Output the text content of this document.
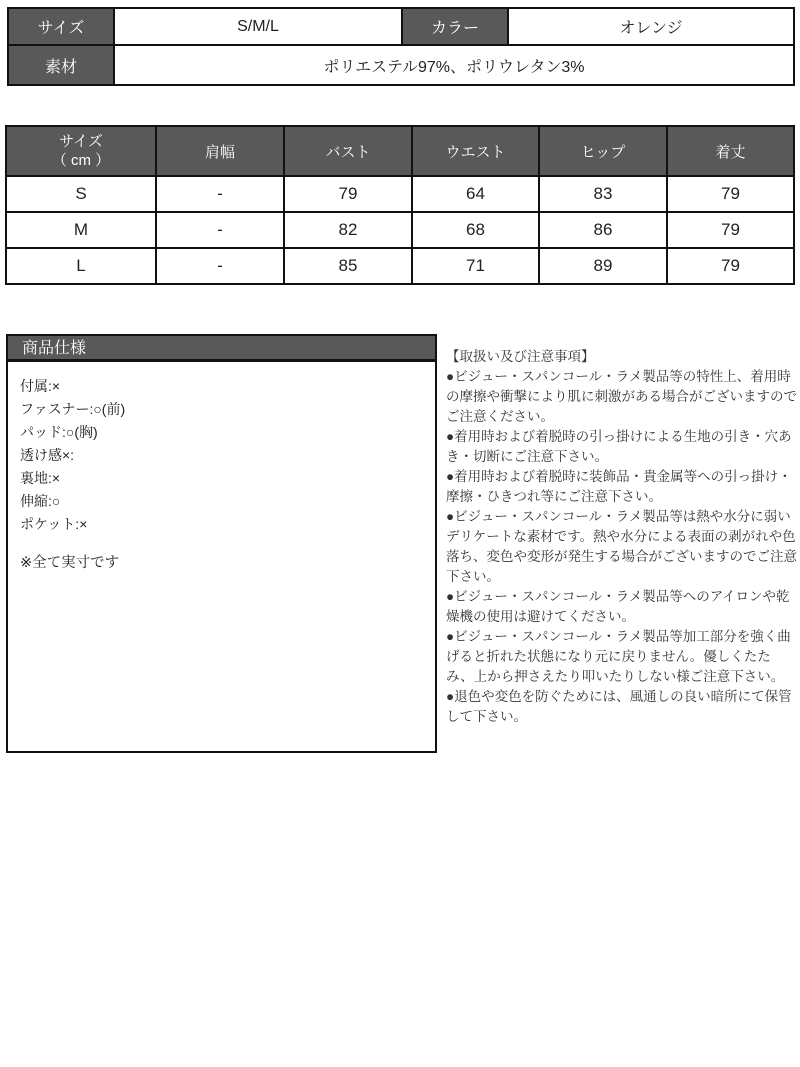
サイズ	S/M/L	カラー	オレンジ
素材	ポリエステル97%、ポリウレタン3%		
サイズ
（ cm ）	肩幅	バスト	ウエスト	ヒップ	着丈
S	-	79	64	83	79
M	-	82	68	86	79
L	-	85	71	89	79
商品仕様
付属:×
ファスナー:○(前)
パッド:○(胸)
透け感×:
裏地:×
伸縮:○
ポケット:×
※全て実寸です

【取扱い及び注意事項】

●ビジュー・スパンコール・ラメ製品等の特性上、着用時の摩擦や衝撃により肌に刺激がある場合がございますのでご注意ください。

●着用時および着脱時の引っ掛けによる生地の引き・穴あき・切断にご注意下さい。

●着用時および着脱時に装飾品・貴金属等への引っ掛け・摩擦・ひきつれ等にご注意下さい。

●ビジュー・スパンコール・ラメ製品等は熱や水分に弱いデリケートな素材です。熱や水分による表面の剥がれや色落ち、変色や変形が発生する場合がございますのでご注意下さい。

●ビジュー・スパンコール・ラメ製品等へのアイロンや乾燥機の使用は避けてください。

●ビジュー・スパンコール・ラメ製品等加工部分を強く曲げると折れた状態になり元に戻りません。優しくたたみ、上から押さえたり叩いたりしない様ご注意下さい。

●退色や変色を防ぐためには、風通しの良い暗所にて保管して下さい。
